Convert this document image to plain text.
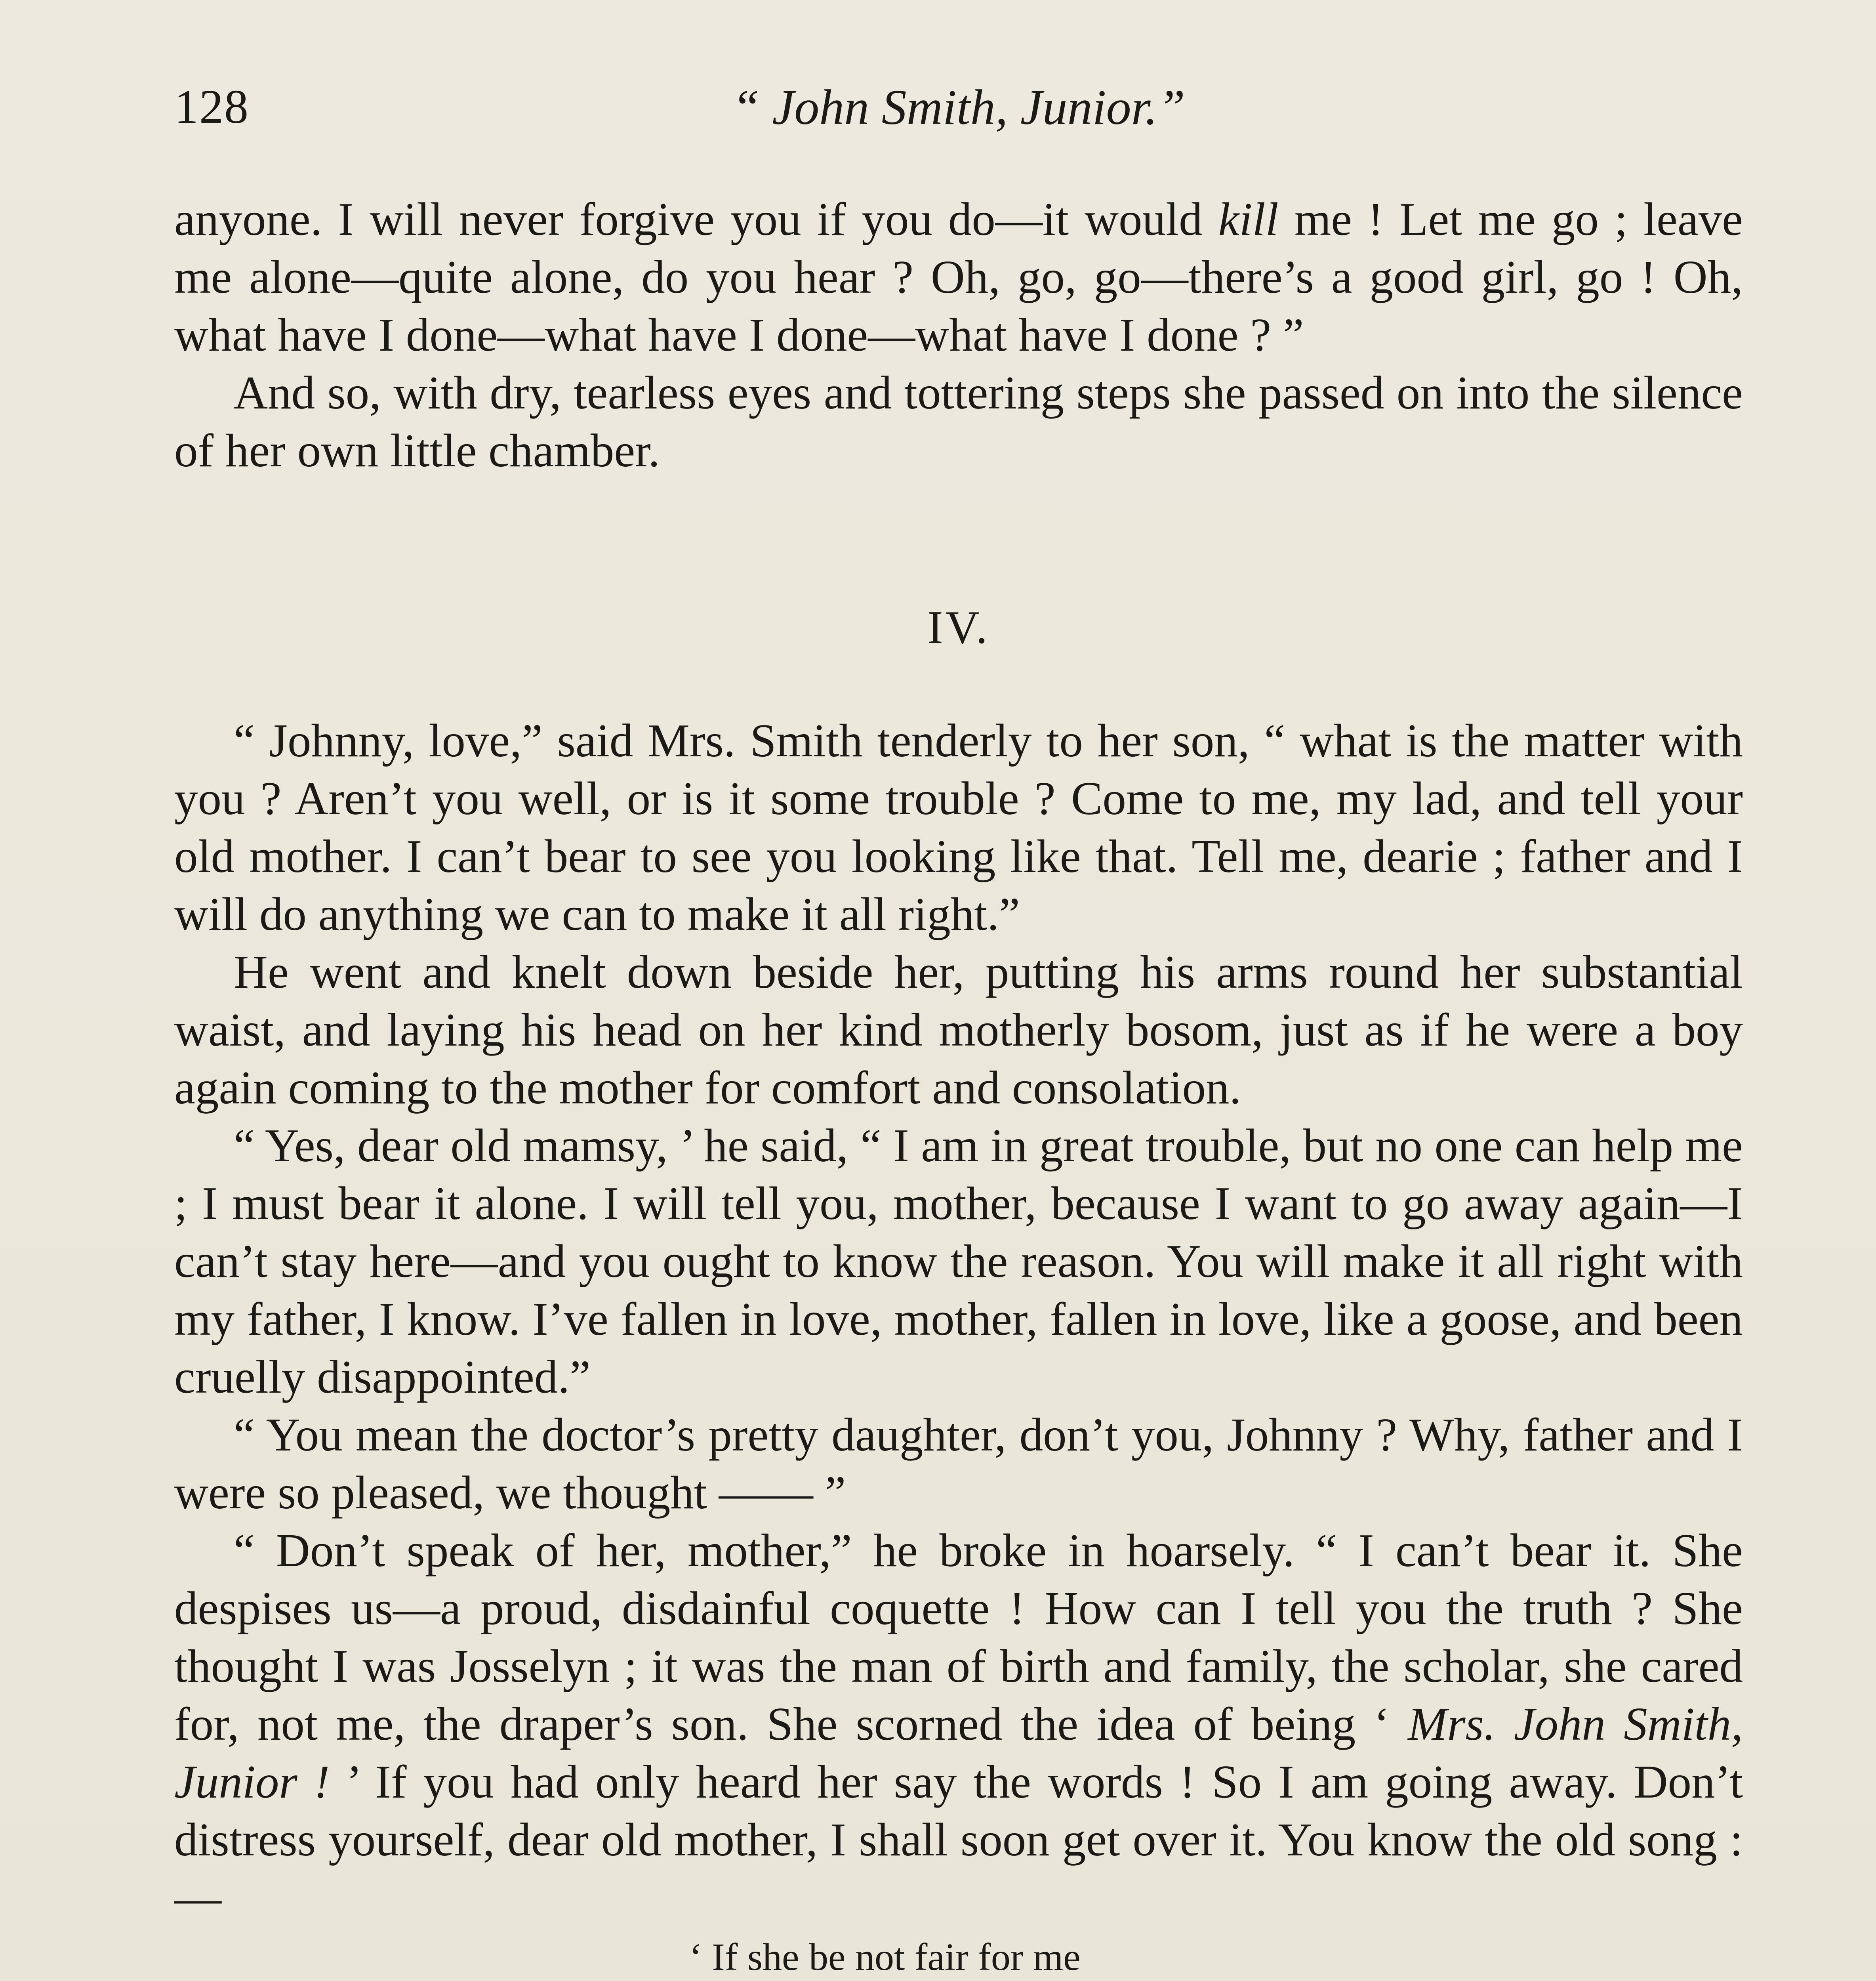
128	“ John Smith, Junior.”

anyone. I will never forgive you if you do—it would kill me ! Let me go ; leave me alone—quite alone, do you hear ? Oh, go, go—there’s a good girl, go ! Oh, what have I done—what have I done—what have I done ? ”

And so, with dry, tearless eyes and tottering steps she passed on into the silence of her own little chamber.

IV.

“ Johnny, love,” said Mrs. Smith tenderly to her son, “ what is the matter with you ? Aren’t you well, or is it some trouble ? Come to me, my lad, and tell your old mother. I can’t bear to see you looking like that. Tell me, dearie ; father and I will do anything we can to make it all right.”

He went and knelt down beside her, putting his arms round her substantial waist, and laying his head on her kind motherly bosom, just as if he were a boy again coming to the mother for comfort and consolation.

“ Yes, dear old mamsy, ’ he said, “ I am in great trouble, but no one can help me ; I must bear it alone. I will tell you, mother, because I want to go away again—I can’t stay here—and you ought to know the reason. You will make it all right with my father, I know. I’ve fallen in love, mother, fallen in love, like a goose, and been cruelly disappointed.”

“ You mean the doctor’s pretty daughter, don’t you, Johnny ? Why, father and I were so pleased, we thought —— ”

“ Don’t speak of her, mother,” he broke in hoarsely. “ I can’t bear it. She despises us—a proud, disdainful coquette ! How can I tell you the truth ? She thought I was Josselyn ; it was the man of birth and family, the scholar, she cared for, not me, the draper’s son. She scorned the idea of being ‘ Mrs. John Smith, Junior ! ’ If you had only heard her say the words ! So I am going away. Don’t distress yourself, dear old mother, I shall soon get over it. You know the old song :—

‘ If she be not fair for me
